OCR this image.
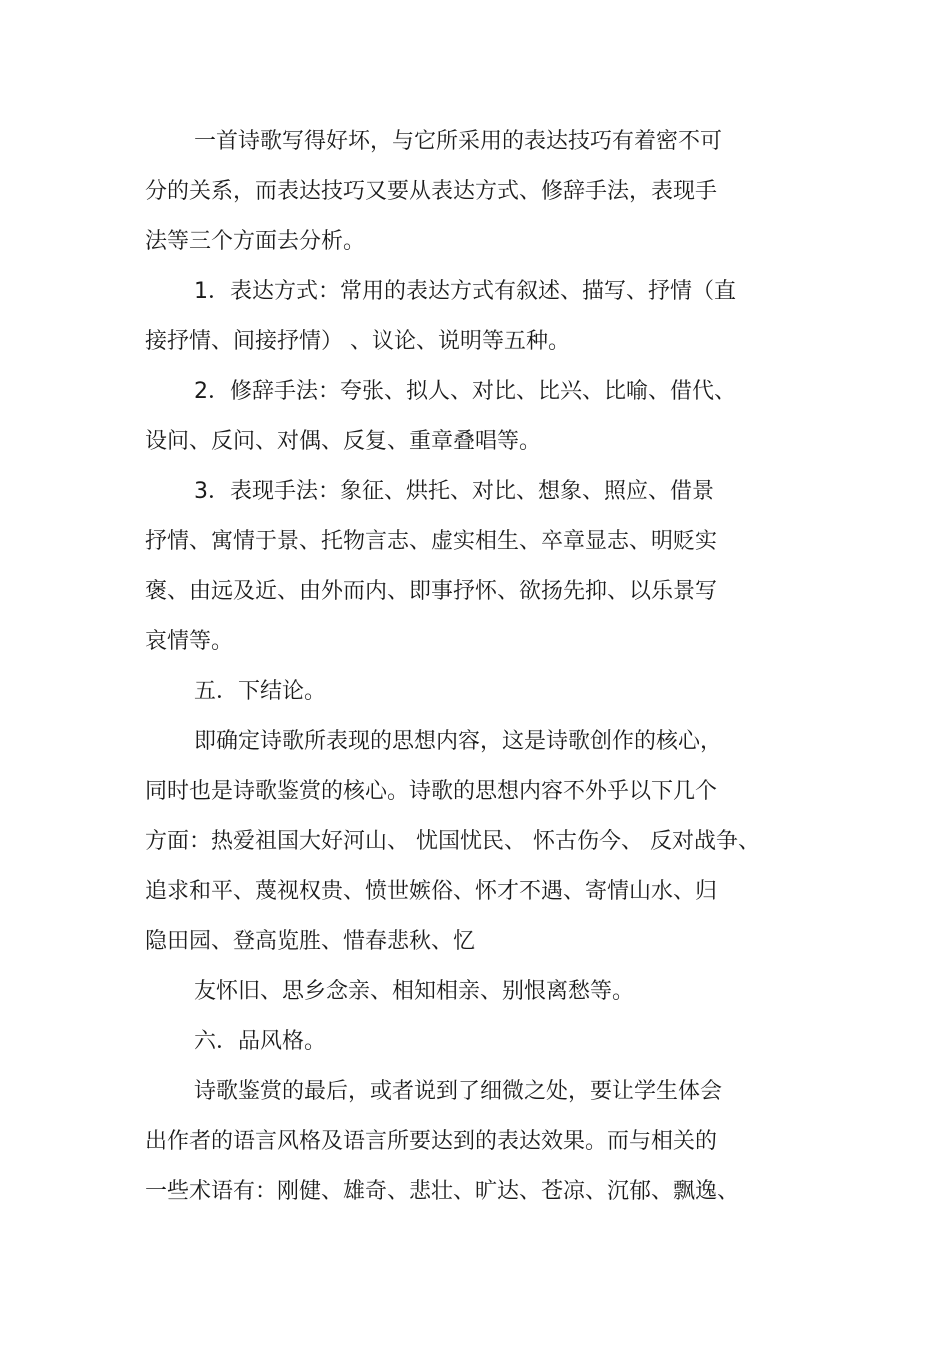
一首诗歌写得好坏，与它所采用的表达技巧有着密不可
分的关系，而表达技巧又要从表达方式、修辞手法，表现手
法等三个方面去分析。
1．表达方式：常用的表达方式有叙述、描写、抒情（直
接抒情、间接抒情） 、议论、说明等五种。
2．修辞手法：夸张、拟人、对比、比兴、比喻、借代、
设问、反问、对偶、反复、重章叠唱等。
3．表现手法：象征、烘托、对比、想象、照应、借景
抒情、寓情于景、托物言志、虚实相生、卒章显志、明贬实
褒、由远及近、由外而内、即事抒怀、欲扬先抑、以乐景写
哀情等。
五．下结论。
即确定诗歌所表现的思想内容，这是诗歌创作的核心，
同时也是诗歌鉴赏的核心。诗歌的思想内容不外乎以下几个
方面：热爱祖国大好河山、 忧国忧民、 怀古伤今、 反对战争、
追求和平、蔑视权贵、愤世嫉俗、怀才不遇、寄情山水、归
隐田园、登高览胜、惜春悲秋、忆
友怀旧、思乡念亲、相知相亲、别恨离愁等。
六．品风格。
诗歌鉴赏的最后，或者说到了细微之处，要让学生体会
出作者的语言风格及语言所要达到的表达效果。而与相关的
一些术语有：刚健、雄奇、悲壮、旷达、苍凉、沉郁、飘逸、
